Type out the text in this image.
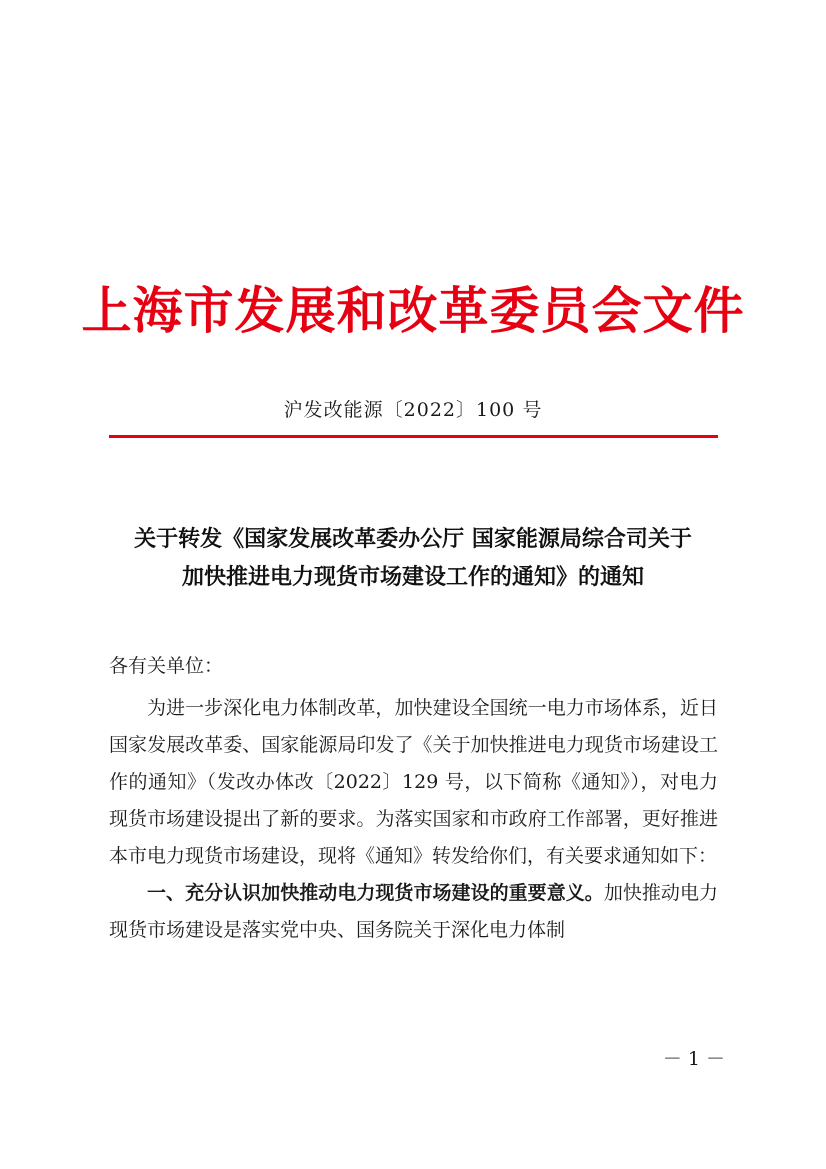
上海市发展和改革委员会文件
沪发改能源〔2022〕100 号
关于转发《国家发展改革委办公厅 国家能源局综合司关于
加快推进电力现货市场建设工作的通知》的通知
各有关单位：

为进一步深化电力体制改革，加快建设全国统一电力市场体系，近日国家发展改革委、国家能源局印发了《关于加快推进电力现货市场建设工作的通知》（发改办体改〔2022〕129 号，以下简称《通知》），对电力现货市场建设提出了新的要求。为落实国家和市政府工作部署，更好推进本市电力现货市场建设，现将《通知》转发给你们，有关要求通知如下：

一、充分认识加快推动电力现货市场建设的重要意义。加快推动电力现货市场建设是落实党中央、国务院关于深化电力体制

－ 1 －
